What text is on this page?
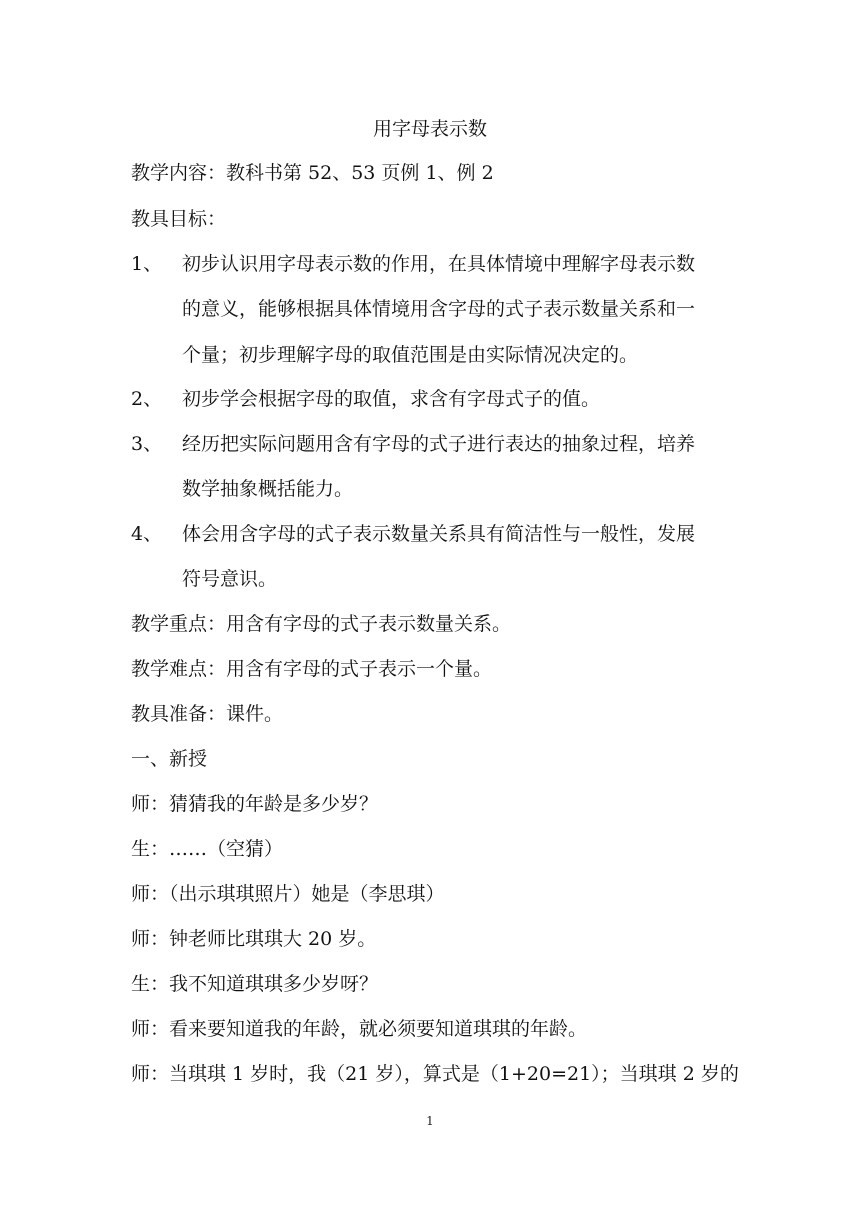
用字母表示数
教学内容：教科书第 52、53 页例 1、例 2
教具目标：
1、 初步认识用字母表示数的作用，在具体情境中理解字母表示数
的意义，能够根据具体情境用含字母的式子表示数量关系和一
个量；初步理解字母的取值范围是由实际情况决定的。
2、 初步学会根据字母的取值，求含有字母式子的值。
3、 经历把实际问题用含有字母的式子进行表达的抽象过程，培养
数学抽象概括能力。
4、 体会用含字母的式子表示数量关系具有简洁性与一般性，发展
符号意识。
教学重点：用含有字母的式子表示数量关系。
教学难点：用含有字母的式子表示一个量。
教具准备：课件。
一、新授
师：猜猜我的年龄是多少岁？
生：……（空猜）
师：（出示琪琪照片）她是（李思琪）
师：钟老师比琪琪大 20 岁。
生：我不知道琪琪多少岁呀？
师：看来要知道我的年龄，就必须要知道琪琪的年龄。
师：当琪琪 1 岁时，我（21 岁），算式是（1+20=21）；当琪琪 2 岁的
1
